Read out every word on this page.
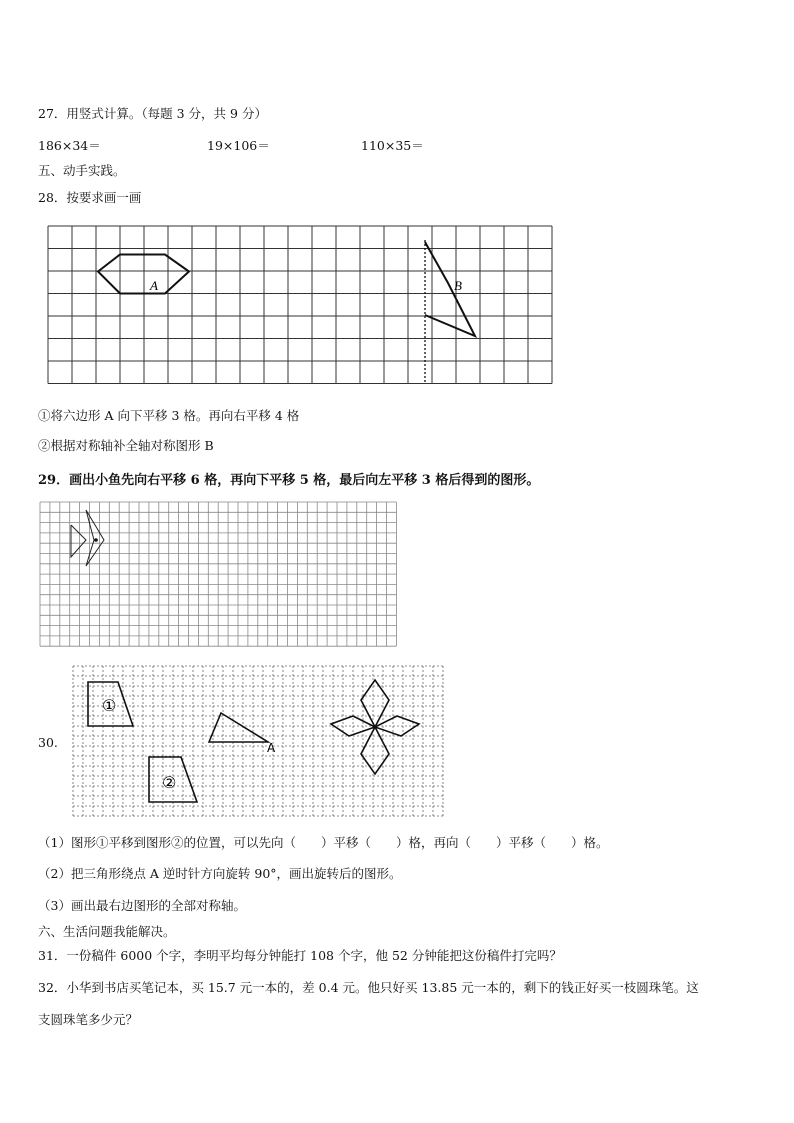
27．用竖式计算。（每题 3 分，共 9 分）
186×34＝	19×106＝	110×35＝
五、动手实践。
28．按要求画一画
A	B
①将六边形 A 向下平移 3 格。再向右平移 4 格
②根据对称轴补全轴对称图形 B
29．画出小鱼先向右平移 6 格，再向下平移 5 格，最后向左平移 3 格后得到的图形。
30.
①
②
A
（1）图形①平移到图形②的位置，可以先向（　　）平移（　　）格，再向（　　）平移（　　）格。
（2）把三角形绕点 A 逆时针方向旋转 90°，画出旋转后的图形。
（3）画出最右边图形的全部对称轴。
六、生活问题我能解决。
31．一份稿件 6000 个字，李明平均每分钟能打 108 个字，他 52 分钟能把这份稿件打完吗？
32．小华到书店买笔记本，买 15.7 元一本的，差 0.4 元。他只好买 13.85 元一本的，剩下的钱正好买一枝圆珠笔。这
支圆珠笔多少元？
